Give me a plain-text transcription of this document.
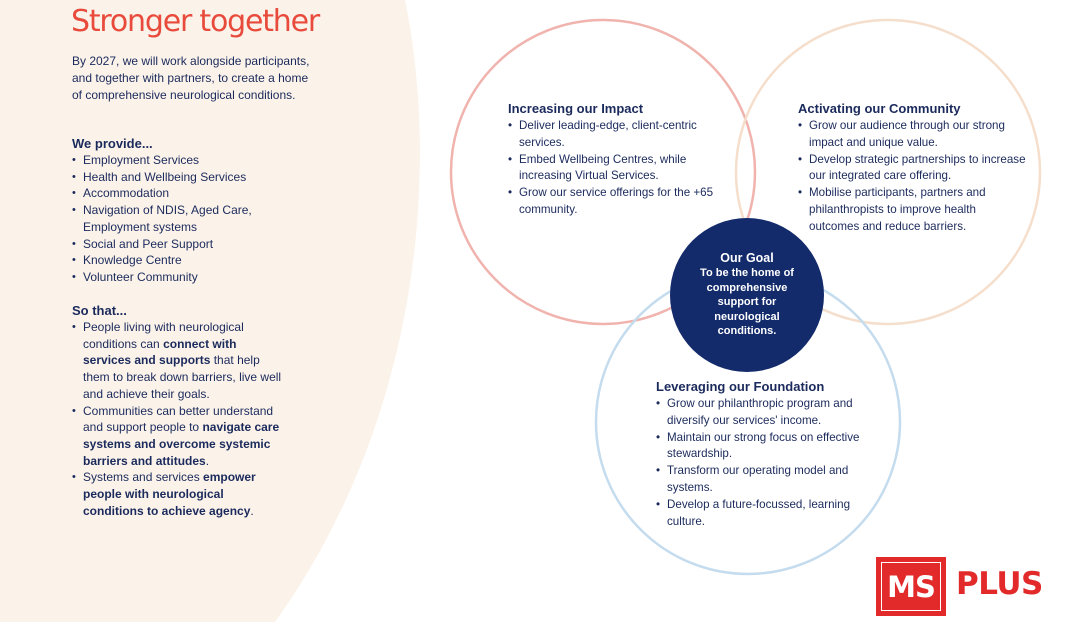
Stronger together

By 2027, we will work alongside participants, and together with partners, to create a home of comprehensive neurological conditions.

We provide...
• Employment Services
• Health and Wellbeing Services
• Accommodation
• Navigation of NDIS, Aged Care, Employment systems
• Social and Peer Support
• Knowledge Centre
• Volunteer Community
So that...
• People living with neurological conditions can connect with services and supports that help them to break down barriers, live well and achieve their goals.
• Communities can better understand and support people to navigate care systems and overcome systemic barriers and attitudes.
• Systems and services empower people with neurological conditions to achieve agency.
Increasing our Impact
• Deliver leading-edge, client-centric services.
• Embed Wellbeing Centres, while increasing Virtual Services.
• Grow our service offerings for the +65 community.
Activating our Community
• Grow our audience through our strong impact and unique value.
• Develop strategic partnerships to increase our integrated care offering.
• Mobilise participants, partners and philanthropists to improve health outcomes and reduce barriers.
Leveraging our Foundation
• Grow our philanthropic program and diversify our services' income.
• Maintain our strong focus on effective stewardship.
• Transform our operating model and systems.
• Develop a future-focussed, learning culture.

Our Goal

To be the home of comprehensive support for neurological conditions.

MS PLUS
